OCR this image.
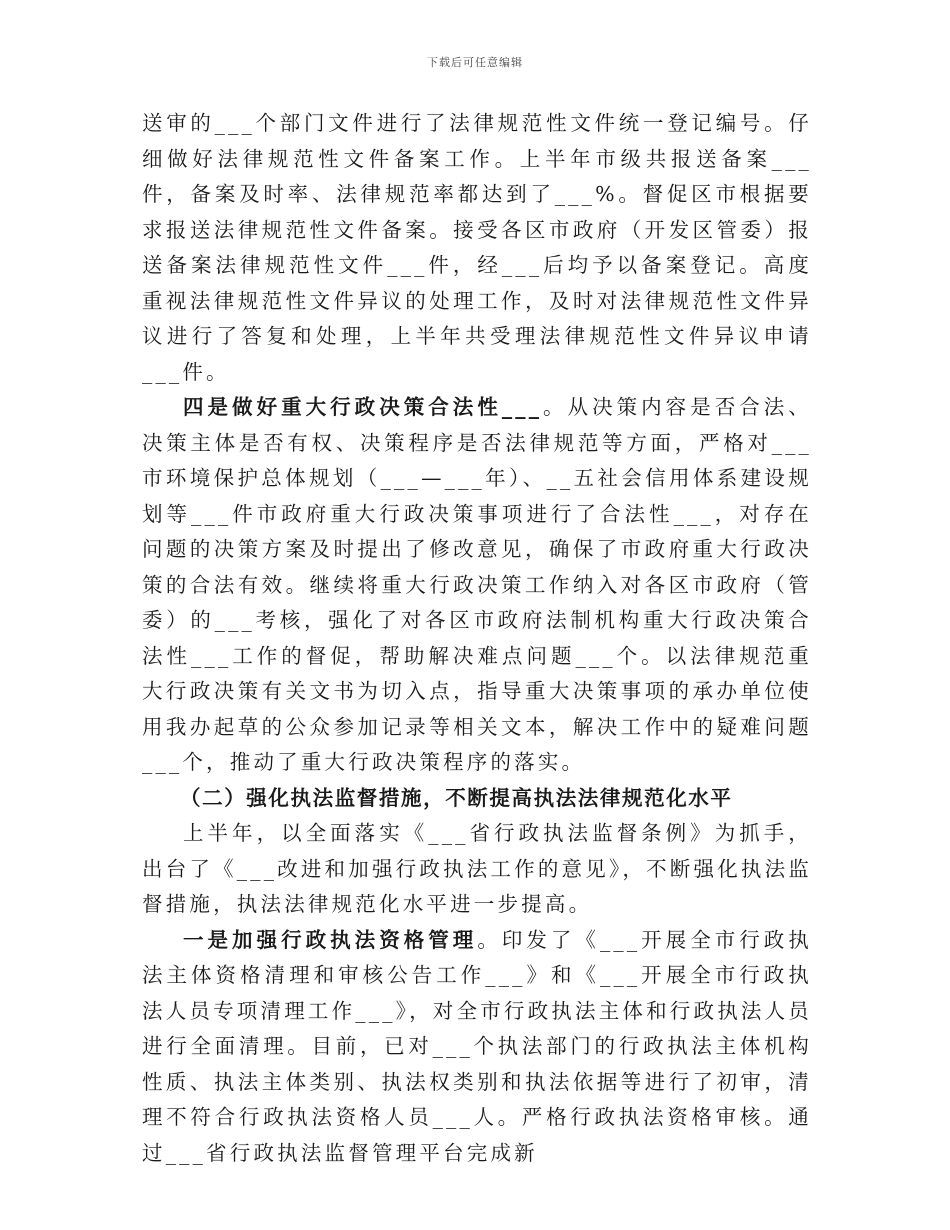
下载后可任意编辑

送审的___个部门文件进行了法律规范性文件统一登记编号。仔细做好法律规范性文件备案工作。上半年市级共报送备案___件，备案及时率、法律规范率都达到了___%。督促区市根据要求报送法律规范性文件备案。接受各区市政府（开发区管委）报送备案法律规范性文件___件，经___后均予以备案登记。高度重视法律规范性文件异议的处理工作，及时对法律规范性文件异议进行了答复和处理，上半年共受理法律规范性文件异议申请___件。

四是做好重大行政决策合法性___。从决策内容是否合法、决策主体是否有权、决策程序是否法律规范等方面，严格对___市环境保护总体规划（___—___年）、__五社会信用体系建设规划等___件市政府重大行政决策事项进行了合法性___，对存在问题的决策方案及时提出了修改意见，确保了市政府重大行政决策的合法有效。继续将重大行政决策工作纳入对各区市政府（管委）的___考核，强化了对各区市政府法制机构重大行政决策合法性___工作的督促，帮助解决难点问题___个。以法律规范重大行政决策有关文书为切入点，指导重大决策事项的承办单位使用我办起草的公众参加记录等相关文本，解决工作中的疑难问题___个，推动了重大行政决策程序的落实。

（二）强化执法监督措施，不断提高执法法律规范化水平

上半年，以全面落实《___省行政执法监督条例》为抓手，出台了《___改进和加强行政执法工作的意见》，不断强化执法监督措施，执法法律规范化水平进一步提高。

一是加强行政执法资格管理。印发了《___开展全市行政执法主体资格清理和审核公告工作___》和《___开展全市行政执法人员专项清理工作___》，对全市行政执法主体和行政执法人员进行全面清理。目前，已对___个执法部门的行政执法主体机构性质、执法主体类别、执法权类别和执法依据等进行了初审，清理不符合行政执法资格人员___人。严格行政执法资格审核。通过___省行政执法监督管理平台完成新
